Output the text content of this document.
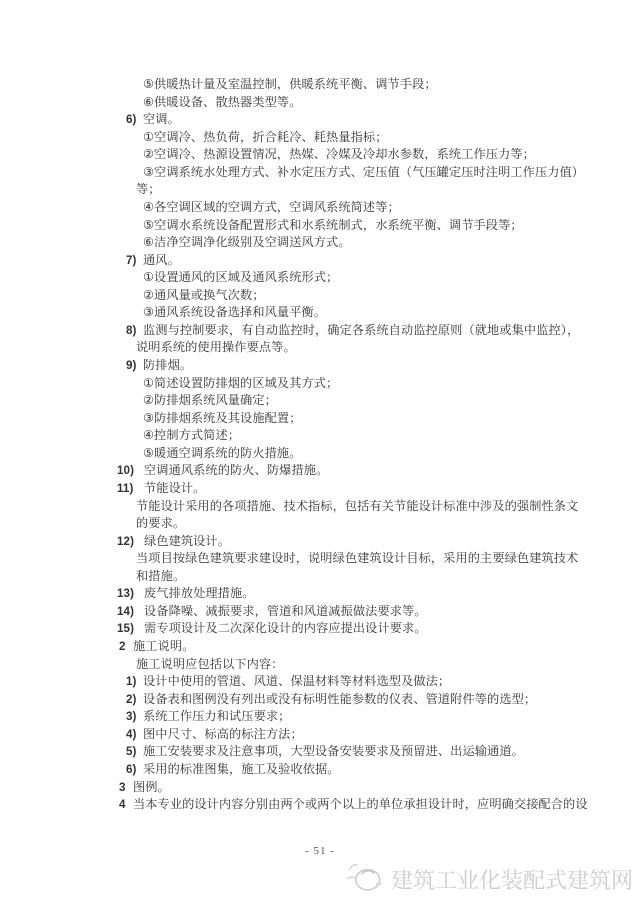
⑤供暖热计量及室温控制，供暖系统平衡、调节手段；
⑥供暖设备、散热器类型等。
6) 空调。
①空调冷、热负荷，折合耗冷、耗热量指标；
②空调冷、热源设置情况，热媒、冷媒及冷却水参数，系统工作压力等；
③空调系统水处理方式、补水定压方式、定压值（气压罐定压时注明工作压力值）
等；
④各空调区域的空调方式，空调风系统简述等；
⑤空调水系统设备配置形式和水系统制式，水系统平衡、调节手段等；
⑥洁净空调净化级别及空调送风方式。
7) 通风。
①设置通风的区域及通风系统形式；
②通风量或换气次数；
③通风系统设备选择和风量平衡。
8) 监测与控制要求，有自动监控时，确定各系统自动监控原则（就地或集中监控），
说明系统的使用操作要点等。
9) 防排烟。
①简述设置防排烟的区域及其方式；
②防排烟系统风量确定；
③防排烟系统及其设施配置；
④控制方式简述；
⑤暖通空调系统的防火措施。
10) 空调通风系统的防火、防爆措施。
11) 节能设计。
节能设计采用的各项措施、技术指标，包括有关节能设计标准中涉及的强制性条文
的要求。
12) 绿色建筑设计。
当项目按绿色建筑要求建设时，说明绿色建筑设计目标，采用的主要绿色建筑技术
和措施。
13) 废气排放处理措施。
14) 设备降噪、减振要求，管道和风道减振做法要求等。
15) 需专项设计及二次深化设计的内容应提出设计要求。
2 施工说明。
施工说明应包括以下内容：
1) 设计中使用的管道、风道、保温材料等材料选型及做法；
2) 设备表和图例没有列出或没有标明性能参数的仪表、管道附件等的选型；
3) 系统工作压力和试压要求；
4) 图中尺寸、标高的标注方法；
5) 施工安装要求及注意事项，大型设备安装要求及预留进、出运输通道。
6) 采用的标准图集，施工及验收依据。
3 图例。
4 当本专业的设计内容分别由两个或两个以上的单位承担设计时，应明确交接配合的设
- 51 -
建筑工业化装配式建筑网
